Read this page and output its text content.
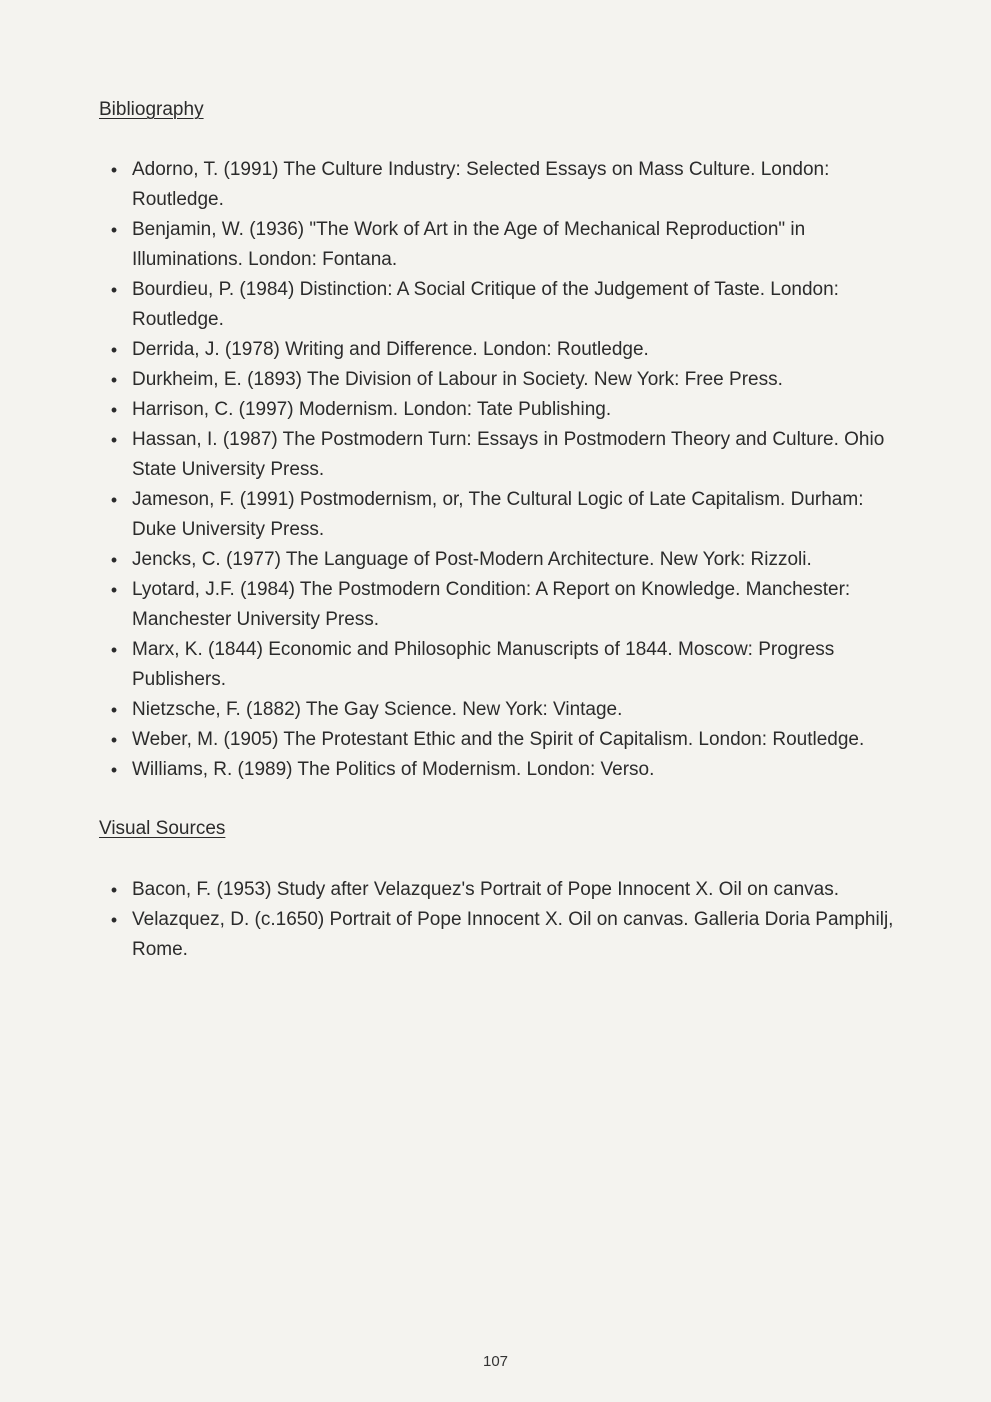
Bibliography
• Adorno, T. (1991) The Culture Industry: Selected Essays on Mass Culture. London: Routledge.
• Benjamin, W. (1936) "The Work of Art in the Age of Mechanical Reproduction" in Illuminations. London: Fontana.
• Bourdieu, P. (1984) Distinction: A Social Critique of the Judgement of Taste. London: Routledge.
• Derrida, J. (1978) Writing and Difference. London: Routledge.
• Durkheim, E. (1893) The Division of Labour in Society. New York: Free Press.
• Harrison, C. (1997) Modernism. London: Tate Publishing.
• Hassan, I. (1987) The Postmodern Turn: Essays in Postmodern Theory and Culture. Ohio State University Press.
• Jameson, F. (1991) Postmodernism, or, The Cultural Logic of Late Capitalism. Durham: Duke University Press.
• Jencks, C. (1977) The Language of Post-Modern Architecture. New York: Rizzoli.
• Lyotard, J.F. (1984) The Postmodern Condition: A Report on Knowledge. Manchester: Manchester University Press.
• Marx, K. (1844) Economic and Philosophic Manuscripts of 1844. Moscow: Progress Publishers.
• Nietzsche, F. (1882) The Gay Science. New York: Vintage.
• Weber, M. (1905) The Protestant Ethic and the Spirit of Capitalism. London: Routledge.
• Williams, R. (1989) The Politics of Modernism. London: Verso.
Visual Sources
• Bacon, F. (1953) Study after Velazquez's Portrait of Pope Innocent X. Oil on canvas.
• Velazquez, D. (c.1650) Portrait of Pope Innocent X. Oil on canvas. Galleria Doria Pamphilj, Rome.
107
